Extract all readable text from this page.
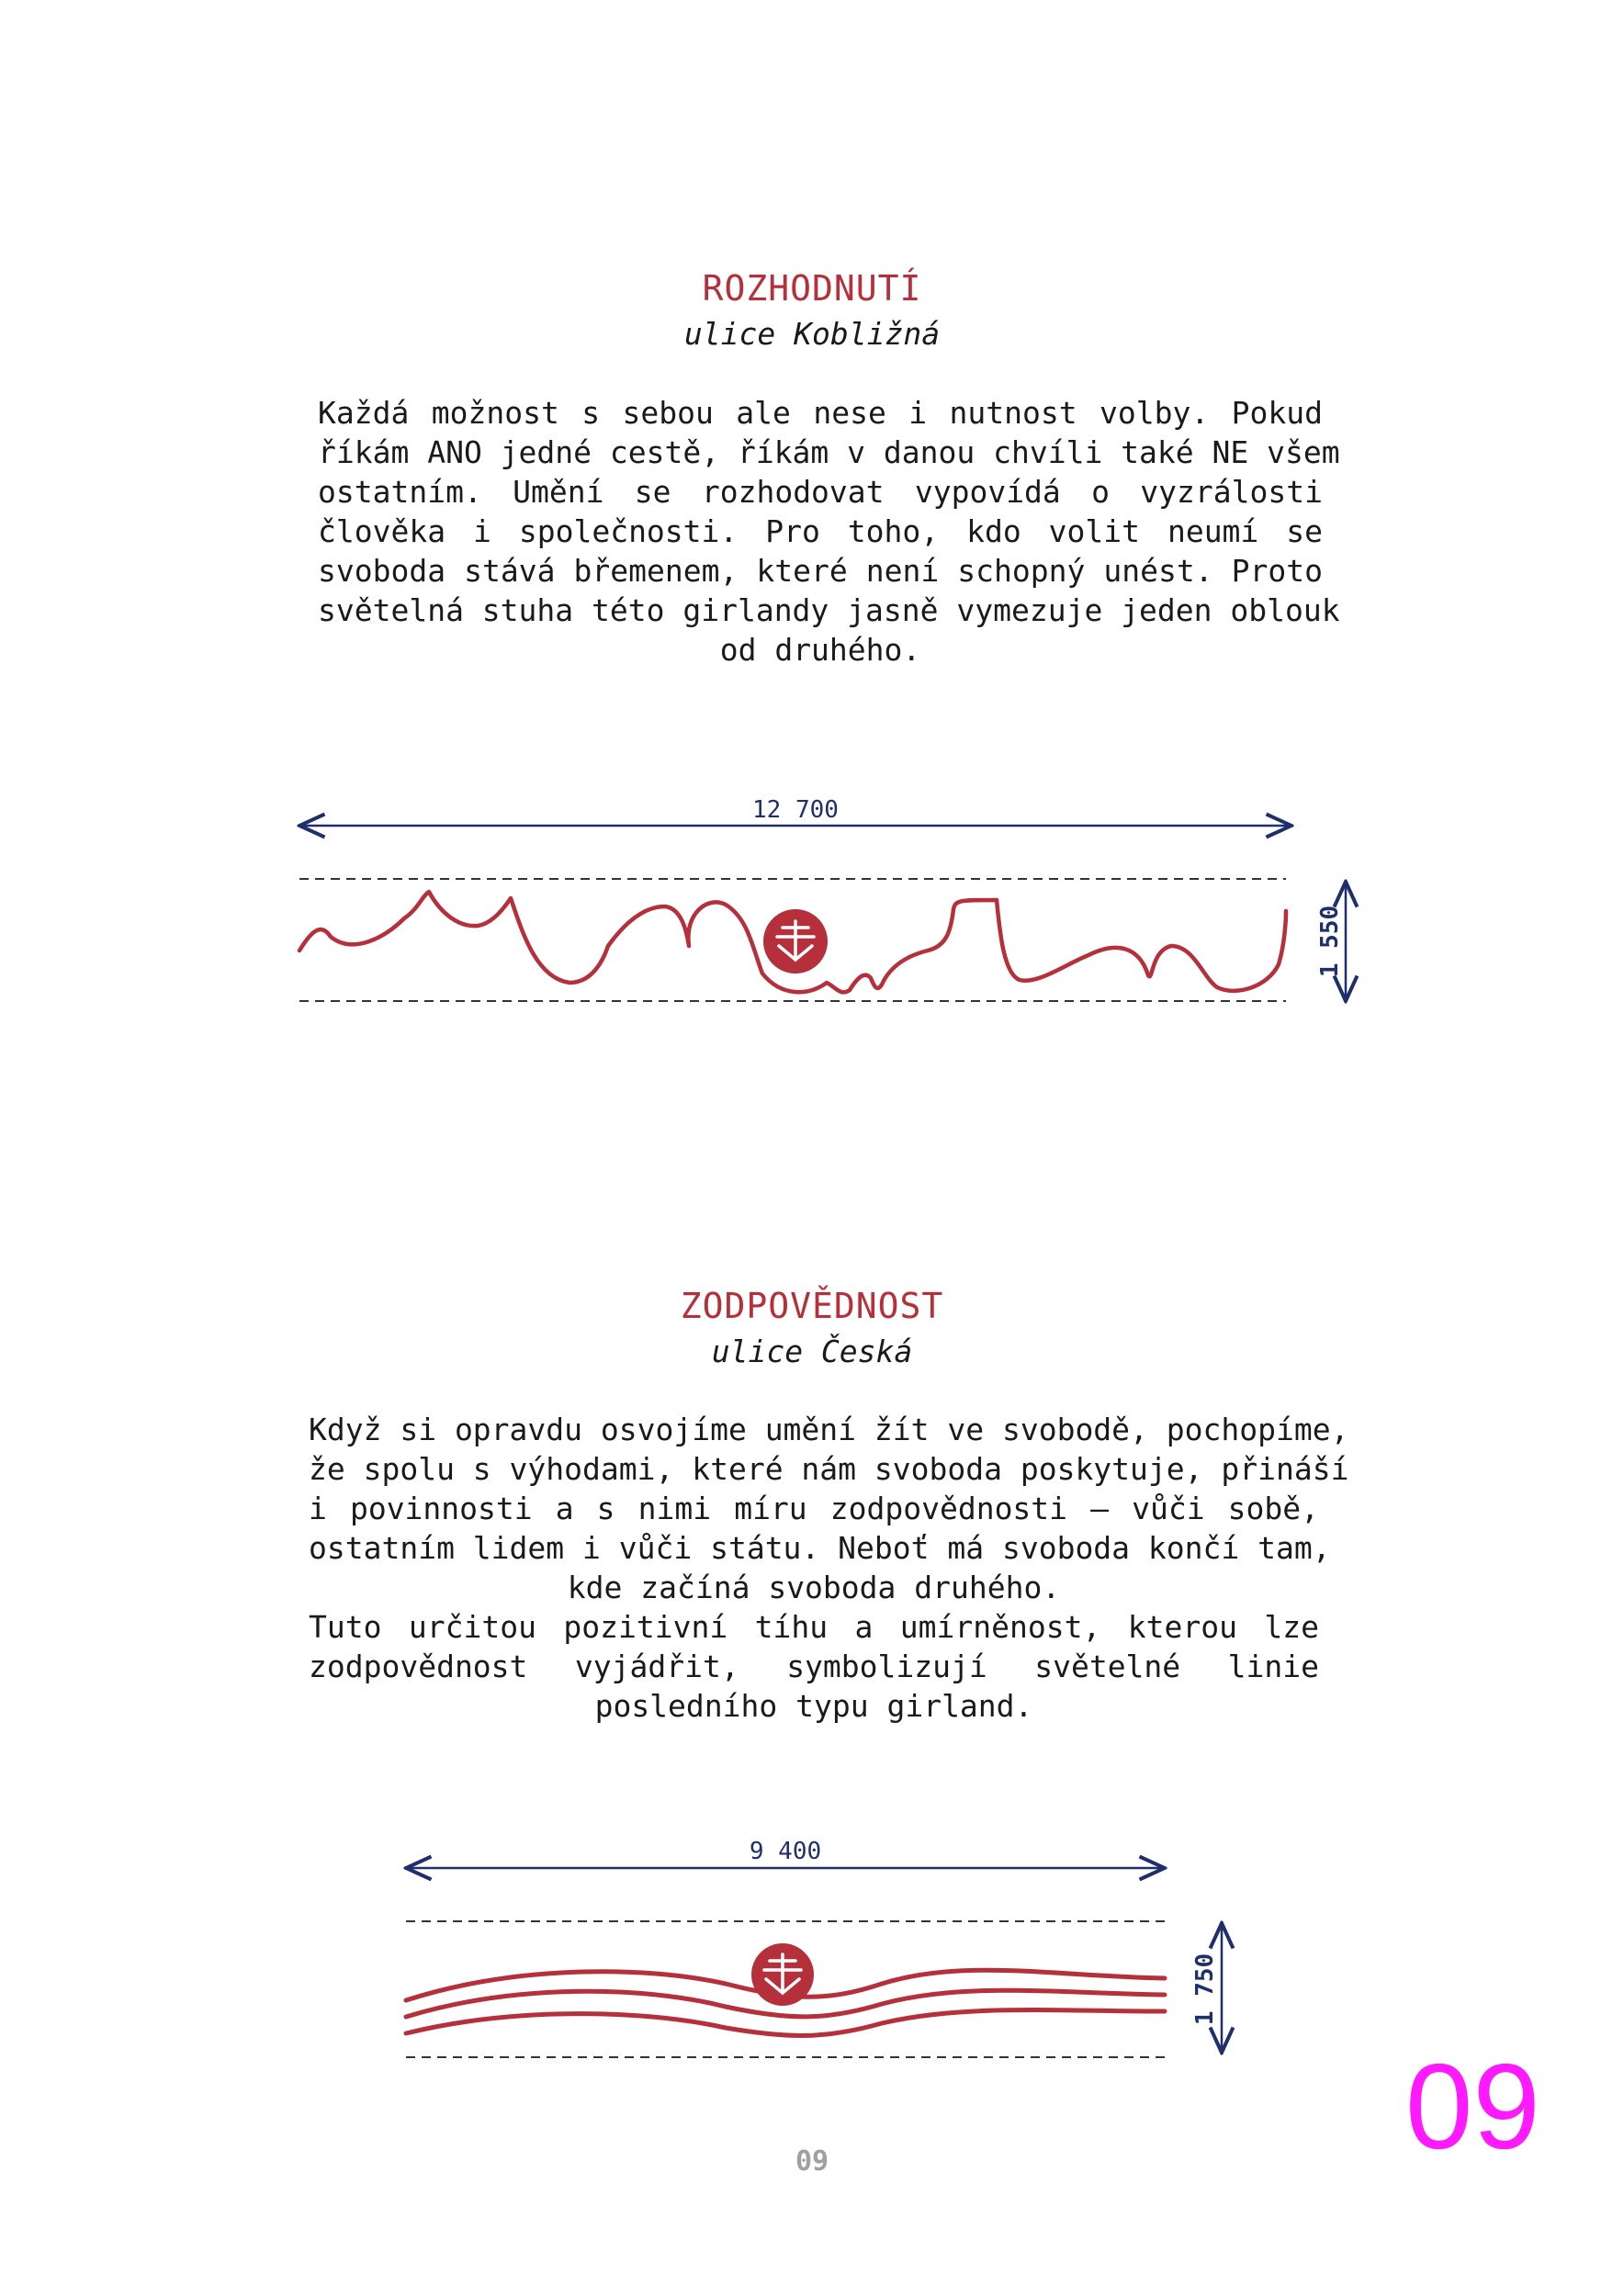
ROZHODNUTÍ
ulice Kobližná
Každá možnost s sebou ale nese i nutnost volby. Pokud
říkám ANO jedné cestě, říkám v danou chvíli také NE všem
ostatním. Umění se rozhodovat vypovídá o vyzrálosti
člověka i společnosti. Pro toho, kdo volit neumí se
svoboda stává břemenem, které není schopný unést. Proto
světelná stuha této girlandy jasně vymezuje jeden oblouk
od druhého.
ZODPOVĚDNOST
ulice Česká
Když si opravdu osvojíme umění žít ve svobodě, pochopíme,
že spolu s výhodami, které nám svoboda poskytuje, přináší
i povinnosti a s nimi míru zodpovědnosti – vůči sobě,
ostatním lidem i vůči státu. Neboť má svoboda končí tam,
kde začíná svoboda druhého.
Tuto určitou pozitivní tíhu a umírněnost, kterou lze
zodpovědnost vyjádřit, symbolizují světelné linie
posledního typu girland.
12 700
1 550
9 400
1 750
09	09
